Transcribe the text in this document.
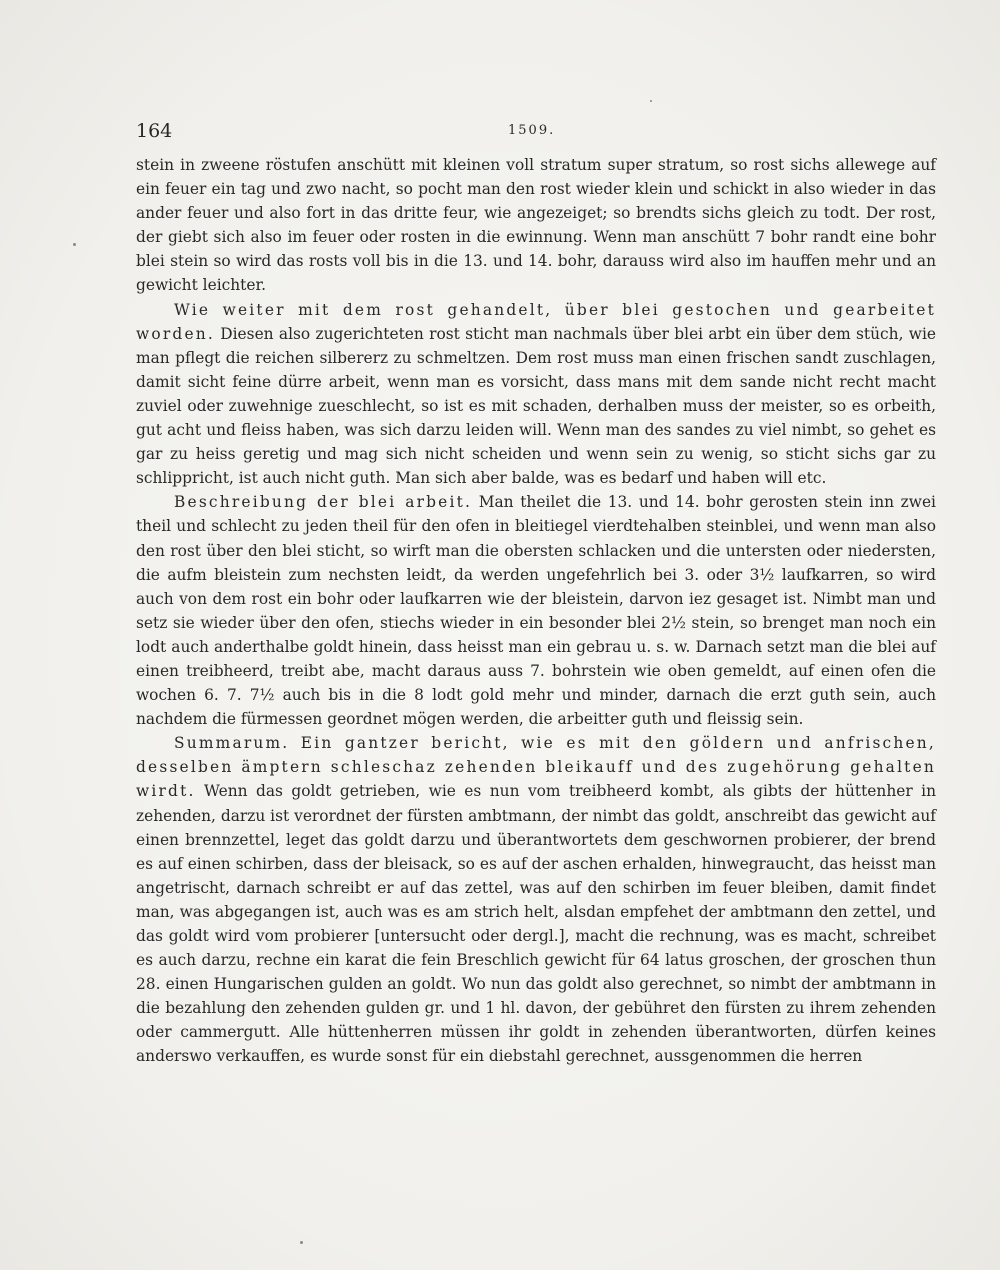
164	1509.

stein in zweene röstufen anschütt mit kleinen voll stratum super stratum, so rost sichs allewege auf ein feuer ein tag und zwo nacht, so pocht man den rost wieder klein und schickt in also wieder in das ander feuer und also fort in das dritte feur, wie angezeiget; so brendts sichs gleich zu todt. Der rost, der giebt sich also im feuer oder rosten in die ewinnung. Wenn man anschütt 7 bohr randt eine bohr blei stein so wird das rosts voll bis in die 13. und 14. bohr, darauss wird also im hauffen mehr und an gewicht leichter.

Wie weiter mit dem rost gehandelt, über blei gestochen und gearbeitet worden. Diesen also zugerichteten rost sticht man nachmals über blei arbt ein über dem stüch, wie man pflegt die reichen silbererz zu schmeltzen. Dem rost muss man einen frischen sandt zuschlagen, damit sicht feine dürre arbeit, wenn man es vorsicht, dass mans mit dem sande nicht recht macht zuviel oder zuwehnige zueschlecht, so ist es mit schaden, derhalben muss der meister, so es orbeith, gut acht und fleiss haben, was sich darzu leiden will. Wenn man des sandes zu viel nimbt, so gehet es gar zu heiss geretig und mag sich nicht scheiden und wenn sein zu wenig, so sticht sichs gar zu schlippricht, ist auch nicht guth. Man sich aber balde, was es bedarf und haben will etc.

Beschreibung der blei arbeit. Man theilet die 13. und 14. bohr gerosten stein inn zwei theil und schlecht zu jeden theil für den ofen in bleitiegel vierdtehalben steinblei, und wenn man also den rost über den blei sticht, so wirft man die obersten schlacken und die untersten oder niedersten, die aufm bleistein zum nechsten leidt, da werden ungefehrlich bei 3. oder 3½ laufkarren, so wird auch von dem rost ein bohr oder laufkarren wie der bleistein, darvon iez gesaget ist. Nimbt man und setz sie wieder über den ofen, stiechs wieder in ein besonder blei 2½ stein, so brenget man noch ein lodt auch anderthalbe goldt hinein, dass heisst man ein gebrau u. s. w. Darnach setzt man die blei auf einen treibheerd, treibt abe, macht daraus auss 7. bohrstein wie oben gemeldt, auf einen ofen die wochen 6. 7. 7½ auch bis in die 8 lodt gold mehr und minder, darnach die erzt guth sein, auch nachdem die fürmessen geordnet mögen werden, die arbeitter guth und fleissig sein.

Summarum. Ein gantzer bericht, wie es mit den göldern und anfrischen, desselben ämptern schleschaz zehenden bleikauff und des zugehörung gehalten wirdt. Wenn das goldt getrieben, wie es nun vom treibheerd kombt, als gibts der hüttenher in zehenden, darzu ist verordnet der fürsten ambtmann, der nimbt das goldt, anschreibt das gewicht auf einen brennzettel, leget das goldt darzu und überantwortets dem geschwornen probierer, der brend es auf einen schirben, dass der bleisack, so es auf der aschen erhalden, hinwegraucht, das heisst man angetrischt, darnach schreibt er auf das zettel, was auf den schirben im feuer bleiben, damit findet man, was abgegangen ist, auch was es am strich helt, alsdan empfehet der ambtmann den zettel, und das goldt wird vom probierer [untersucht oder dergl.], macht die rechnung, was es macht, schreibet es auch darzu, rechne ein karat die fein Breschlich gewicht für 64 latus groschen, der groschen thun 28. einen Hungarischen gulden an goldt. Wo nun das goldt also gerechnet, so nimbt der ambtmann in die bezahlung den zehenden gulden gr. und 1 hl. davon, der gebühret den fürsten zu ihrem zehenden oder cammergutt. Alle hüttenherren müssen ihr goldt in zehenden überantworten, dürfen keines anderswo verkauffen, es wurde sonst für ein diebstahl gerechnet, aussgenommen die herren
